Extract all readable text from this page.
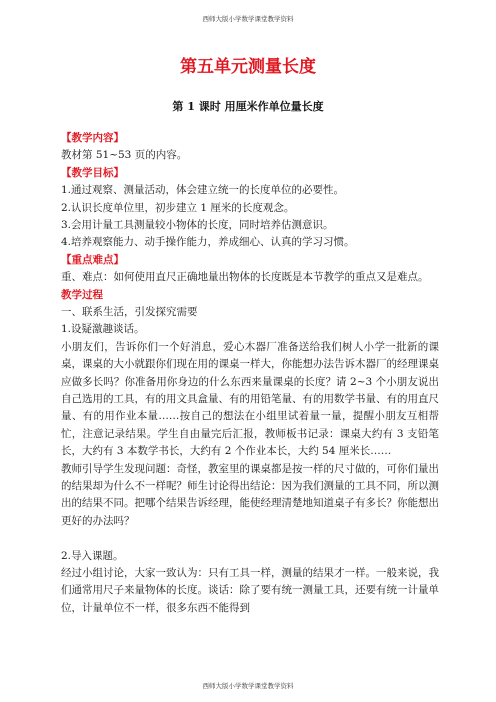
西师大版小学数学课堂教学资料
第五单元测量长度
第 1 课时 用厘米作单位量长度
【教学内容】
教材第 51~53 页的内容。
【教学目标】
1.通过观察、测量活动，体会建立统一的长度单位的必要性。
2.认识长度单位里，初步建立 1 厘米的长度观念。
3.会用计量工具测量较小物体的长度，同时培养估测意识。
4.培养观察能力、动手操作能力，养成细心、认真的学习习惯。
【重点难点】
重、难点：如何使用直尺正确地量出物体的长度既是本节教学的重点又是难点。
教学过程
一、联系生活，引发探究需要
1.设疑激趣谈话。
小朋友们，告诉你们一个好消息，爱心木器厂准备送给我们树人小学一批新的课桌，课桌的大小就跟你们现在用的课桌一样大，你能想办法告诉木器厂的经理课桌应做多长吗？你准备用你身边的什么东西来量课桌的长度？请 2~3 个小朋友说出自己选用的工具，有的用文具盒量、有的用铅笔量、有的用数学书量、有的用直尺量、有的用作业本量……按自己的想法在小组里试着量一量，提醒小朋友互相帮忙，注意记录结果。学生自由量完后汇报，教师板书记录：课桌大约有 3 支铅笔长，大约有 3 本数学书长，大约有 2 个作业本长，大约 54 厘米长……
教师引导学生发现问题：奇怪，教室里的课桌都是按一样的尺寸做的，可你们量出的结果却为什么不一样呢？师生讨论得出结论：因为我们测量的工具不同，所以测出的结果不同。把哪个结果告诉经理，能使经理清楚地知道桌子有多长？你能想出更好的办法吗？
2.导入课题。
经过小组讨论，大家一致认为：只有工具一样，测量的结果才一样。一般来说，我们通常用尺子来量物体的长度。谈话：除了要有统一测量工具，还要有统一计量单位，计量单位不一样，很多东西不能得到
西师大版小学数学课堂教学资料
